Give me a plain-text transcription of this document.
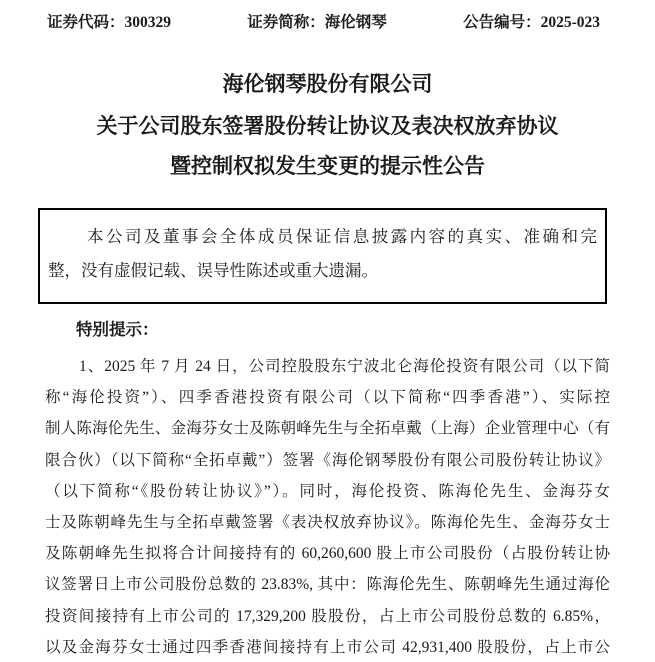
证券代码：300329	证券简称：海伦钢琴	公告编号：2025-023
海伦钢琴股份有限公司
关于公司股东签署股份转让协议及表决权放弃协议
暨控制权拟发生变更的提示性公告
本公司及董事会全体成员保证信息披露内容的真实、准确和完
整，没有虚假记载、误导性陈述或重大遗漏。
特别提示：
1、2025 年 7 月 24 日，公司控股股东宁波北仑海伦投资有限公司（以下简
称“海伦投资”）、四季香港投资有限公司（以下简称“四季香港”）、实际控
制人陈海伦先生、金海芬女士及陈朝峰先生与全拓卓戴（上海）企业管理中心（有
限合伙）（以下简称“全拓卓戴”）签署《海伦钢琴股份有限公司股份转让协议》
（以下简称“《股份转让协议》”）。同时，海伦投资、陈海伦先生、金海芬女
士及陈朝峰先生与全拓卓戴签署《表决权放弃协议》。陈海伦先生、金海芬女士
及陈朝峰先生拟将合计间接持有的 60,260,600 股上市公司股份（占股份转让协
议签署日上市公司股份总数的 23.83%, 其中：陈海伦先生、陈朝峰先生通过海伦
投资间接持有上市公司的 17,329,200 股股份，占上市公司股份总数的 6.85%，
以及金海芬女士通过四季香港间接持有上市公司 42,931,400 股股份，占上市公
